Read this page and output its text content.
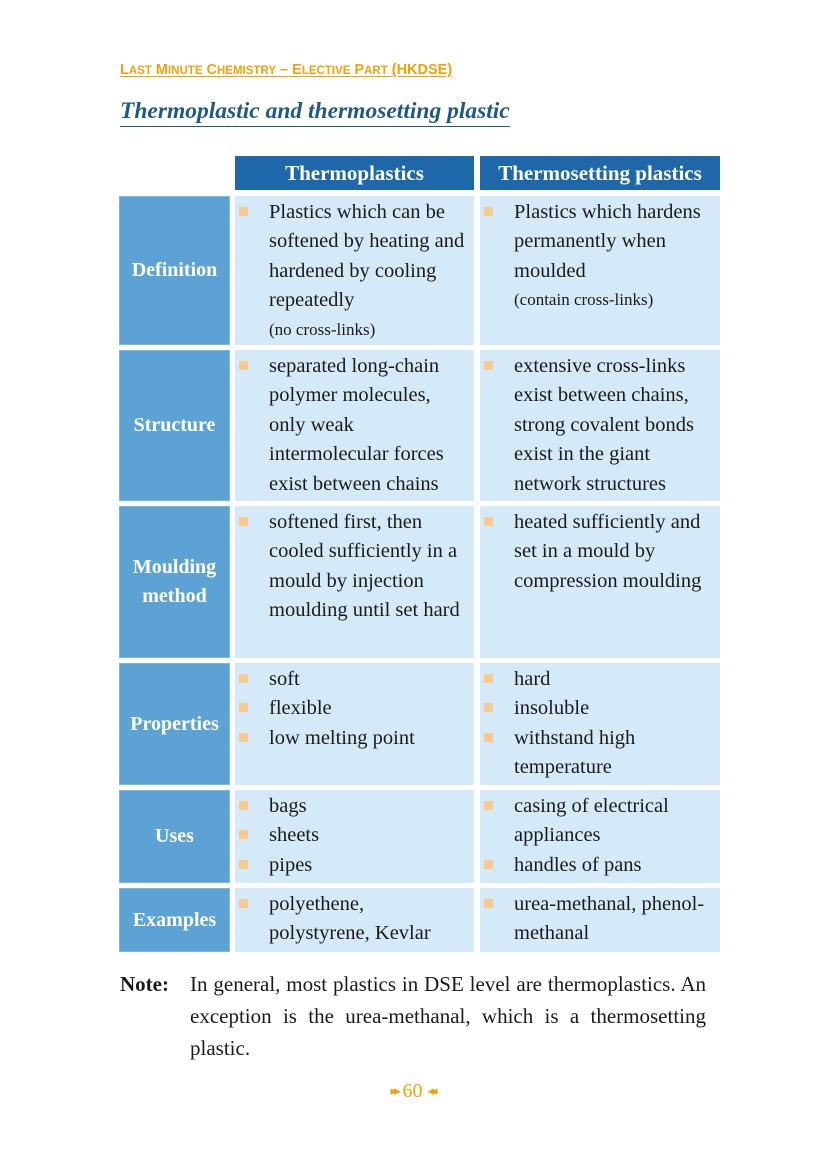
LAST MINUTE CHEMISTRY – ELECTIVE PART (HKDSE)
Thermoplastic and thermosetting plastic
Thermoplastics	Thermosetting plastics
Definition
Plastics which can be softened by heating and hardened by cooling repeatedly
(no cross-links)
Plastics which hardens permanently when moulded
(contain cross-links)
Structure
separated long-chain polymer molecules, only weak intermolecular forces exist between chains
extensive cross-links exist between chains, strong covalent bonds exist in the giant network structures
Moulding
method
softened first, then cooled sufficiently in a mould by injection moulding until set hard
heated sufficiently and set in a mould by compression moulding
Properties
soft
flexible
low melting point
hard
insoluble
withstand high temperature
Uses
bags
sheets
pipes
casing of electrical appliances
handles of pans
Examples
polyethene, polystyrene, Kevlar
urea-methanal, phenol-methanal
Note: In general, most plastics in DSE level are thermoplastics. An exception is the urea-methanal, which is a thermosetting plastic.
▸▸ 60 ◂◂
